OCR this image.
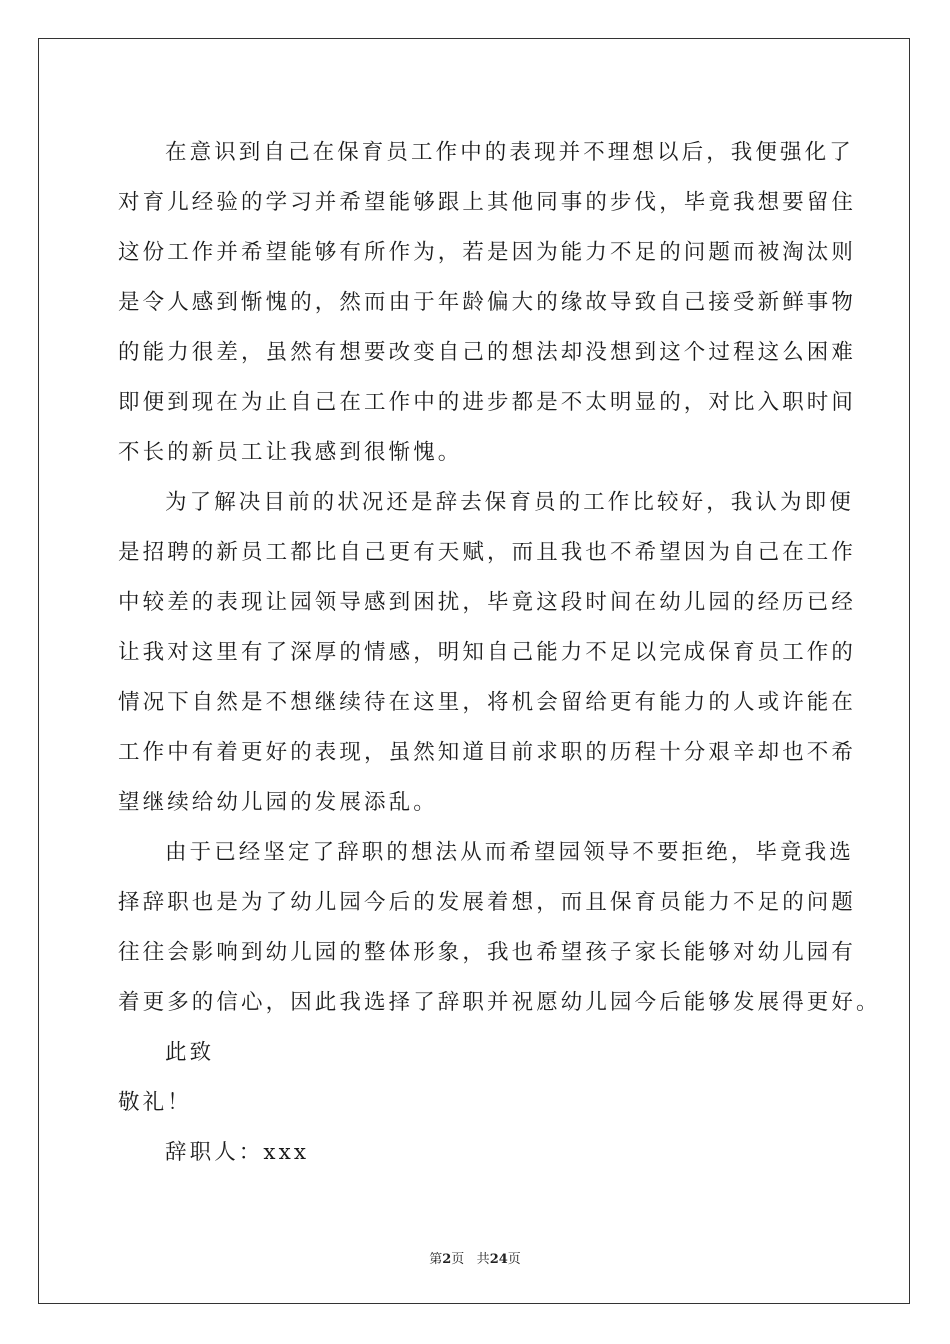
在意识到自己在保育员工作中的表现并不理想以后，我便强化了
对育儿经验的学习并希望能够跟上其他同事的步伐，毕竟我想要留住
这份工作并希望能够有所作为，若是因为能力不足的问题而被淘汰则
是令人感到惭愧的，然而由于年龄偏大的缘故导致自己接受新鲜事物
的能力很差，虽然有想要改变自己的想法却没想到这个过程这么困难
即便到现在为止自己在工作中的进步都是不太明显的，对比入职时间
不长的新员工让我感到很惭愧。
为了解决目前的状况还是辞去保育员的工作比较好，我认为即便
是招聘的新员工都比自己更有天赋，而且我也不希望因为自己在工作
中较差的表现让园领导感到困扰，毕竟这段时间在幼儿园的经历已经
让我对这里有了深厚的情感，明知自己能力不足以完成保育员工作的
情况下自然是不想继续待在这里，将机会留给更有能力的人或许能在
工作中有着更好的表现，虽然知道目前求职的历程十分艰辛却也不希
望继续给幼儿园的发展添乱。
由于已经坚定了辞职的想法从而希望园领导不要拒绝，毕竟我选
择辞职也是为了幼儿园今后的发展着想，而且保育员能力不足的问题
往往会影响到幼儿园的整体形象，我也希望孩子家长能够对幼儿园有
着更多的信心，因此我选择了辞职并祝愿幼儿园今后能够发展得更好。
此致
敬礼！
辞职人：xxx
第2页 共24页
